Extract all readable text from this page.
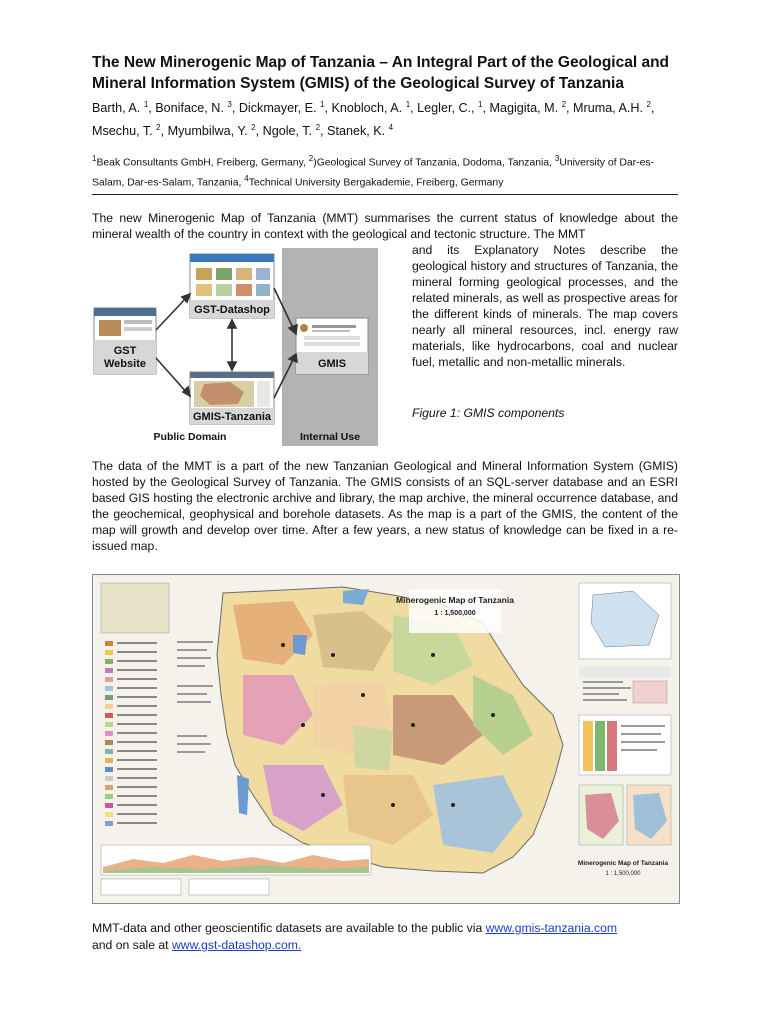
The New Minerogenic Map of Tanzania – An Integral Part of the Geological and Mineral Information System (GMIS) of the Geological Survey of Tanzania
Barth, A. $^1$, Boniface, N. $^3$, Dickmayer, E. $^1$, Knobloch, A. $^1$, Legler, C., $^1$, Magigita, M. $^2$, Mruma, A.H. $^2$, Msechu, T. $^2$, Myumbilwa, Y. $^2$, Ngole, T. $^2$, Stanek, K. $^4$
$^1$Beak Consultants GmbH, Freiberg, Germany, $^2$)Geological Survey of Tanzania, Dodoma, Tanzania, $^3$University of Dar-es-Salam, Dar-es-Salam, Tanzania, $^4$Technical University Bergakademie, Freiberg, Germany

The new Minerogenic Map of Tanzania (MMT) summarises the current status of knowledge about the mineral wealth of the country in context with the geological and tectonic structure. The MMT

GST-Datashop
GST
Website
GMIS-Tanzania
GMIS
Public Domain	Internal Use

and its Explanatory Notes describe the geological history and structures of Tanzania, the mineral forming geological processes, and the related minerals, as well as prospective areas for the different kinds of minerals. The map covers nearly all mineral resources, incl. energy raw materials, like hydrocarbons, coal and nuclear fuel, metallic and non-metallic minerals.

Figure 1: GMIS components

The data of the MMT is a part of the new Tanzanian Geological and Mineral Information System (GMIS) hosted by the Geological Survey of Tanzania. The GMIS consists of an SQL-server database and an ESRI based GIS hosting the electronic archive and library, the map archive, the mineral occurrence database, and the geochemical, geophysical and borehole datasets. As the map is a part of the GMIS, the content of the map will growth and develop over time. After a few years, a new status of knowledge can be fixed in a re-issued map.

Minerogenic Map of Tanzania
1 : 1,500,000
Minerogenic Map of Tanzania
1 : 1,500,000
MMT-data and other geoscientific datasets are available to the public via www.gmis-tanzania.com
and on sale at www.gst-datashop.com.
